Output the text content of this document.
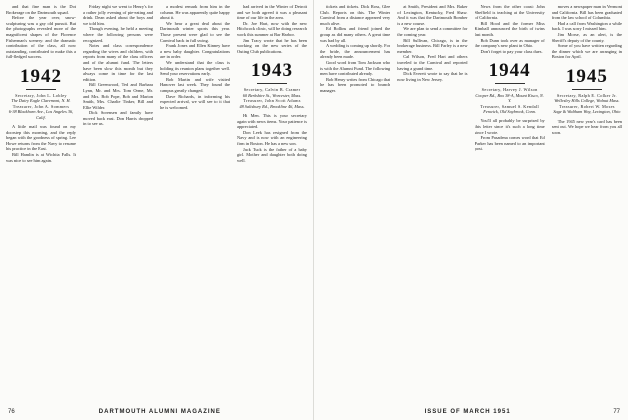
and that fine man is the Dot Brokerage on the Dartmouth squad.

Before the year over, snow-sculpturing was a gay old pursuit. But the photographs revealed more of the magnificent shapes of the Florence Fisherman's scenery: and the dramatic contribution of the class, all now outstanding, contributed to make this a full-fledged success.

1942
Secretary, John L. Lobley
The Dairy Eagle Claremont, N. H.
Treasurer, John A. Sommers
6-38 Blackburn Ave., Los Angeles 36, Calif.

A little mail was found on my doorstep this morning, and the reply began with the goodness of spring. Lee Howe returns from the Navy to resume his practice in the East.

Bill Hamlin is at Wichita Falls. It was nice to see him again.

Friday night we went to Henry's for a rather jolly evening of pie-eating and drink. Dean asked about the boys and we told him.

Though evening, he held a meeting where the following persons were recognized.

Notes and class correspondence regarding the wives and children, with reports from many of the class officers and of the alumni fund. The letters have been slow this month but they always come in time for the last edition.

Bill Greenwood, Ted and Barbara Lynn, Mr. and Mrs. Tom Orme, Mr. and Mrs. Bob Pope, Bob and Marion Smith, Mrs. Charlie Tinker, Bill and Ellie Wilder.

Dick Sorensen and family have moved back east. Don Harris dropped in to see us.

a modest remark from him in the column. He was apparently quite happy about it.

We hear a great deal about the Dartmouth winter sports this year. Those present were glad to see the Carnival back in full swing.

Frank Jones and Ellen Kinney have a new baby daughter. Congratulations are in order.

We understand that the class is holding its reunion plans together well. Send your reservations early.

Bob Martin and wife visited Hanover last week. They found the campus greatly changed.

Dave Richards, in informing his expected arrival, we will see to it that he is welcomed.

had arrived in the Winter of Detroit and we both agreed it was a pleasant time of our life in the area.

Dr. Joe Hart, now with the new Hitchcock clinic, will be doing research work this summer at Bar Harbor.

Jim Tracy wrote that he has been working on the new series of the Outing Club publications.

1943
Secretary, Calvin B. Cramer
60 Berkshire St., Worcester, Mass.
Treasurer, John Scott Adams
48 Salisbury Rd., Brookline 46, Mass.

Hi Men. This is your secretary again with news items. Your patience is appreciated.

Don Leek has resigned from the Navy and is now with an engineering firm in Boston. He has a new son.

Jack Tuck is the father of a baby girl. Mother and daughter both doing well.

76	DARTMOUTH ALUMNI MAGAZINE

tickets and tickets. Dick Ross, Glee Club. Reports on this. The Winter Carnival from a distance appeared very much alive.

Ed Rollins and friend joined the group as did many others. A great time was had by all.

A wedding is coming up shortly. For the bride, the announcement has already been made.

Good word from Tom Jackson who is with the Alumni Fund. The following men have contributed already.

Bob Henry writes from Chicago that he has been promoted to branch manager.

at Smith, President and Mrs. Baker of Lexington, Kentucky, Fred Shaw. And it was that the Dartmouth Bomber is a new course.

We are plan to send a committee for the coming year.

Bill Sullivan, Chicago, is in the brokerage business. Bill Farley is a new member.

Cal Wilson, Fred Hart and others traveled to the Carnival and reported having a grand time.

Dick Everett wrote to say that he is now living in New Jersey.

News from the other coast: John Sheffield is teaching at the University of California.

Bill Hood and the former Miss Kimball announced the birth of twins last month.

Bob Dunn took over as manager of the company's new plant in Ohio.

Don't forget to pay your class dues.

1944
Secretary, Harvey J. Wilson
Cooper Rd., Box 38-A, Mount Kisco, N. Y.
Treasurer, Samuel S. Kendall
Fenwick, Old Saybrook, Conn.

You'll all probably be surprised by this letter since it's such a long time since I wrote.

From Pasadena comes word that Ed Parker has been named to an important post.

moves a newspaper man in Vermont and California. Bill has been graduated from the law school of Columbia.

Had a call from Washington a while back. I was sorry I missed him.

Jim Morse, as an alert, is the Sheriff's deputy of the county.

Some of you have written regarding the dinner which we are arranging in Boston for April.

1945
Secretary, Ralph E. Colker Jr.
Wellesley Hills College, Walnut Mass.
Treasurer, Robert W. Moses
Sage & Waltham Way, Lexington, Ohio

The 1945 new year's card has been sent out. We hope we hear from you all soon.

ISSUE OF MARCH 1951	77
